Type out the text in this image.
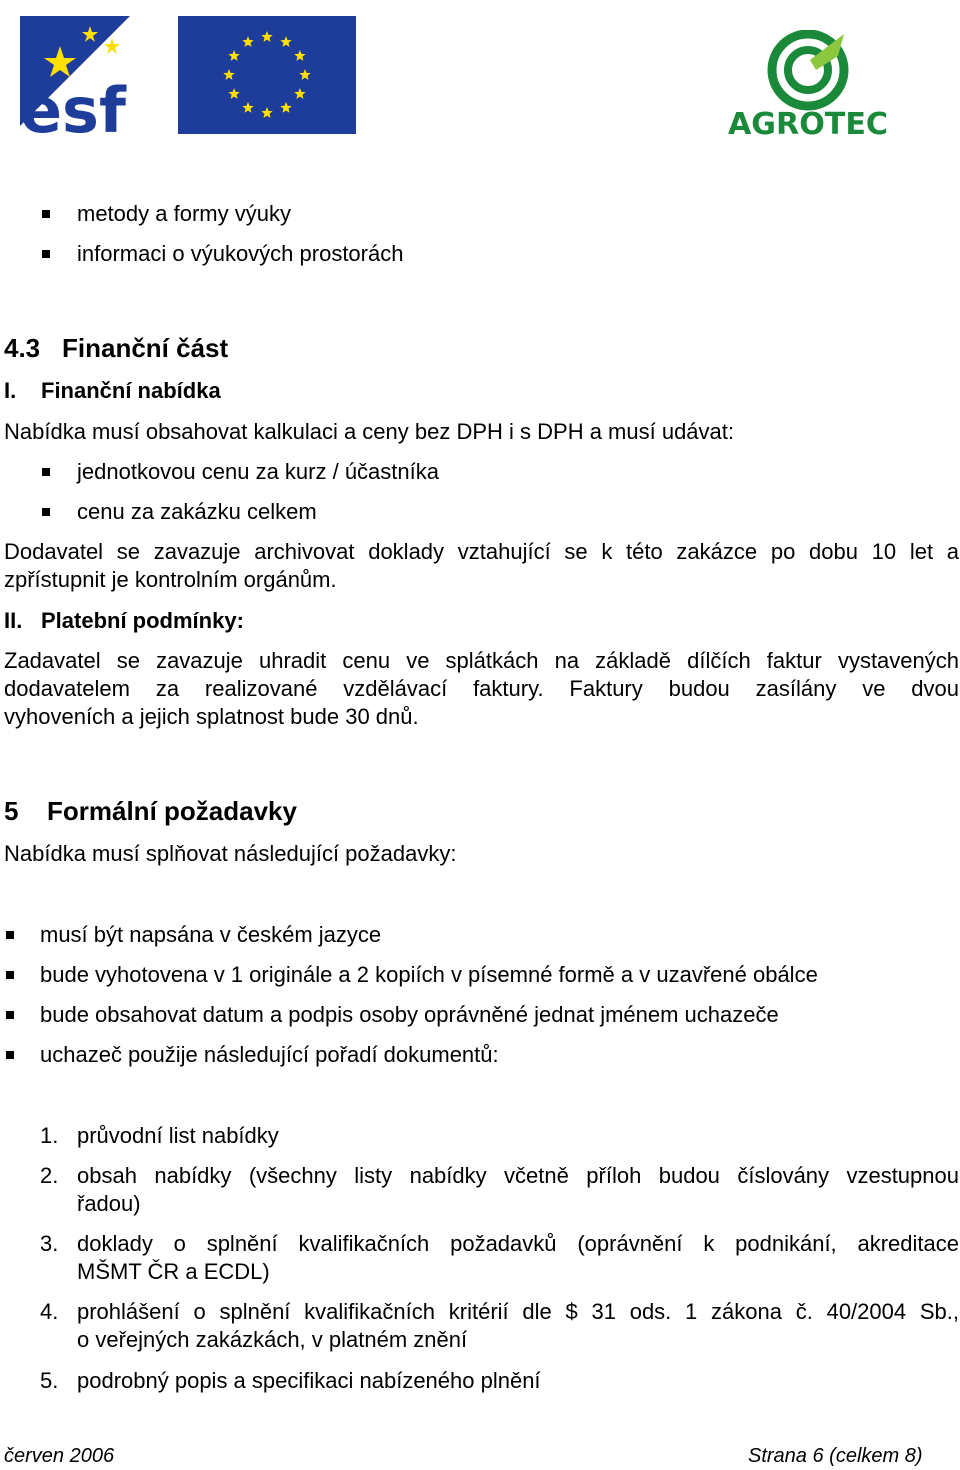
esf	AGROTEC
metody a formy výuky
informaci o výukových prostorách
4.3 Finanční část
I. Finanční nabídka
Nabídka musí obsahovat kalkulaci a ceny bez DPH i s DPH a musí udávat:
jednotkovou cenu za kurz / účastníka
cenu za zakázku celkem
Dodavatel se zavazuje archivovat doklady vztahující se k této zakázce po dobu 10 let a
zpřístupnit je kontrolním orgánům.
II. Platební podmínky:
Zadavatel se zavazuje uhradit cenu ve splátkách na základě dílčích faktur vystavených
dodavatelem za realizované vzdělávací faktury. Faktury budou zasílány ve dvou
vyhoveních a jejich splatnost bude 30 dnů.
5 Formální požadavky
Nabídka musí splňovat následující požadavky:
musí být napsána v českém jazyce
bude vyhotovena v 1 originále a 2 kopiích v písemné formě a v uzavřené obálce
bude obsahovat datum a podpis osoby oprávněné jednat jménem uchazeče
uchazeč použije následující pořadí dokumentů:
1. průvodní list nabídky
2. obsah nabídky (všechny listy nabídky včetně příloh budou číslovány vzestupnou
řadou)
3. doklady o splnění kvalifikačních požadavků (oprávnění k podnikání, akreditace
MŠMT ČR a ECDL)
4. prohlášení o splnění kvalifikačních kritérií dle $ 31 ods. 1 zákona č. 40/2004 Sb.,
o veřejných zakázkách, v platném znění
5. podrobný popis a specifikaci nabízeného plnění
červen 2006	Strana 6 (celkem 8)
